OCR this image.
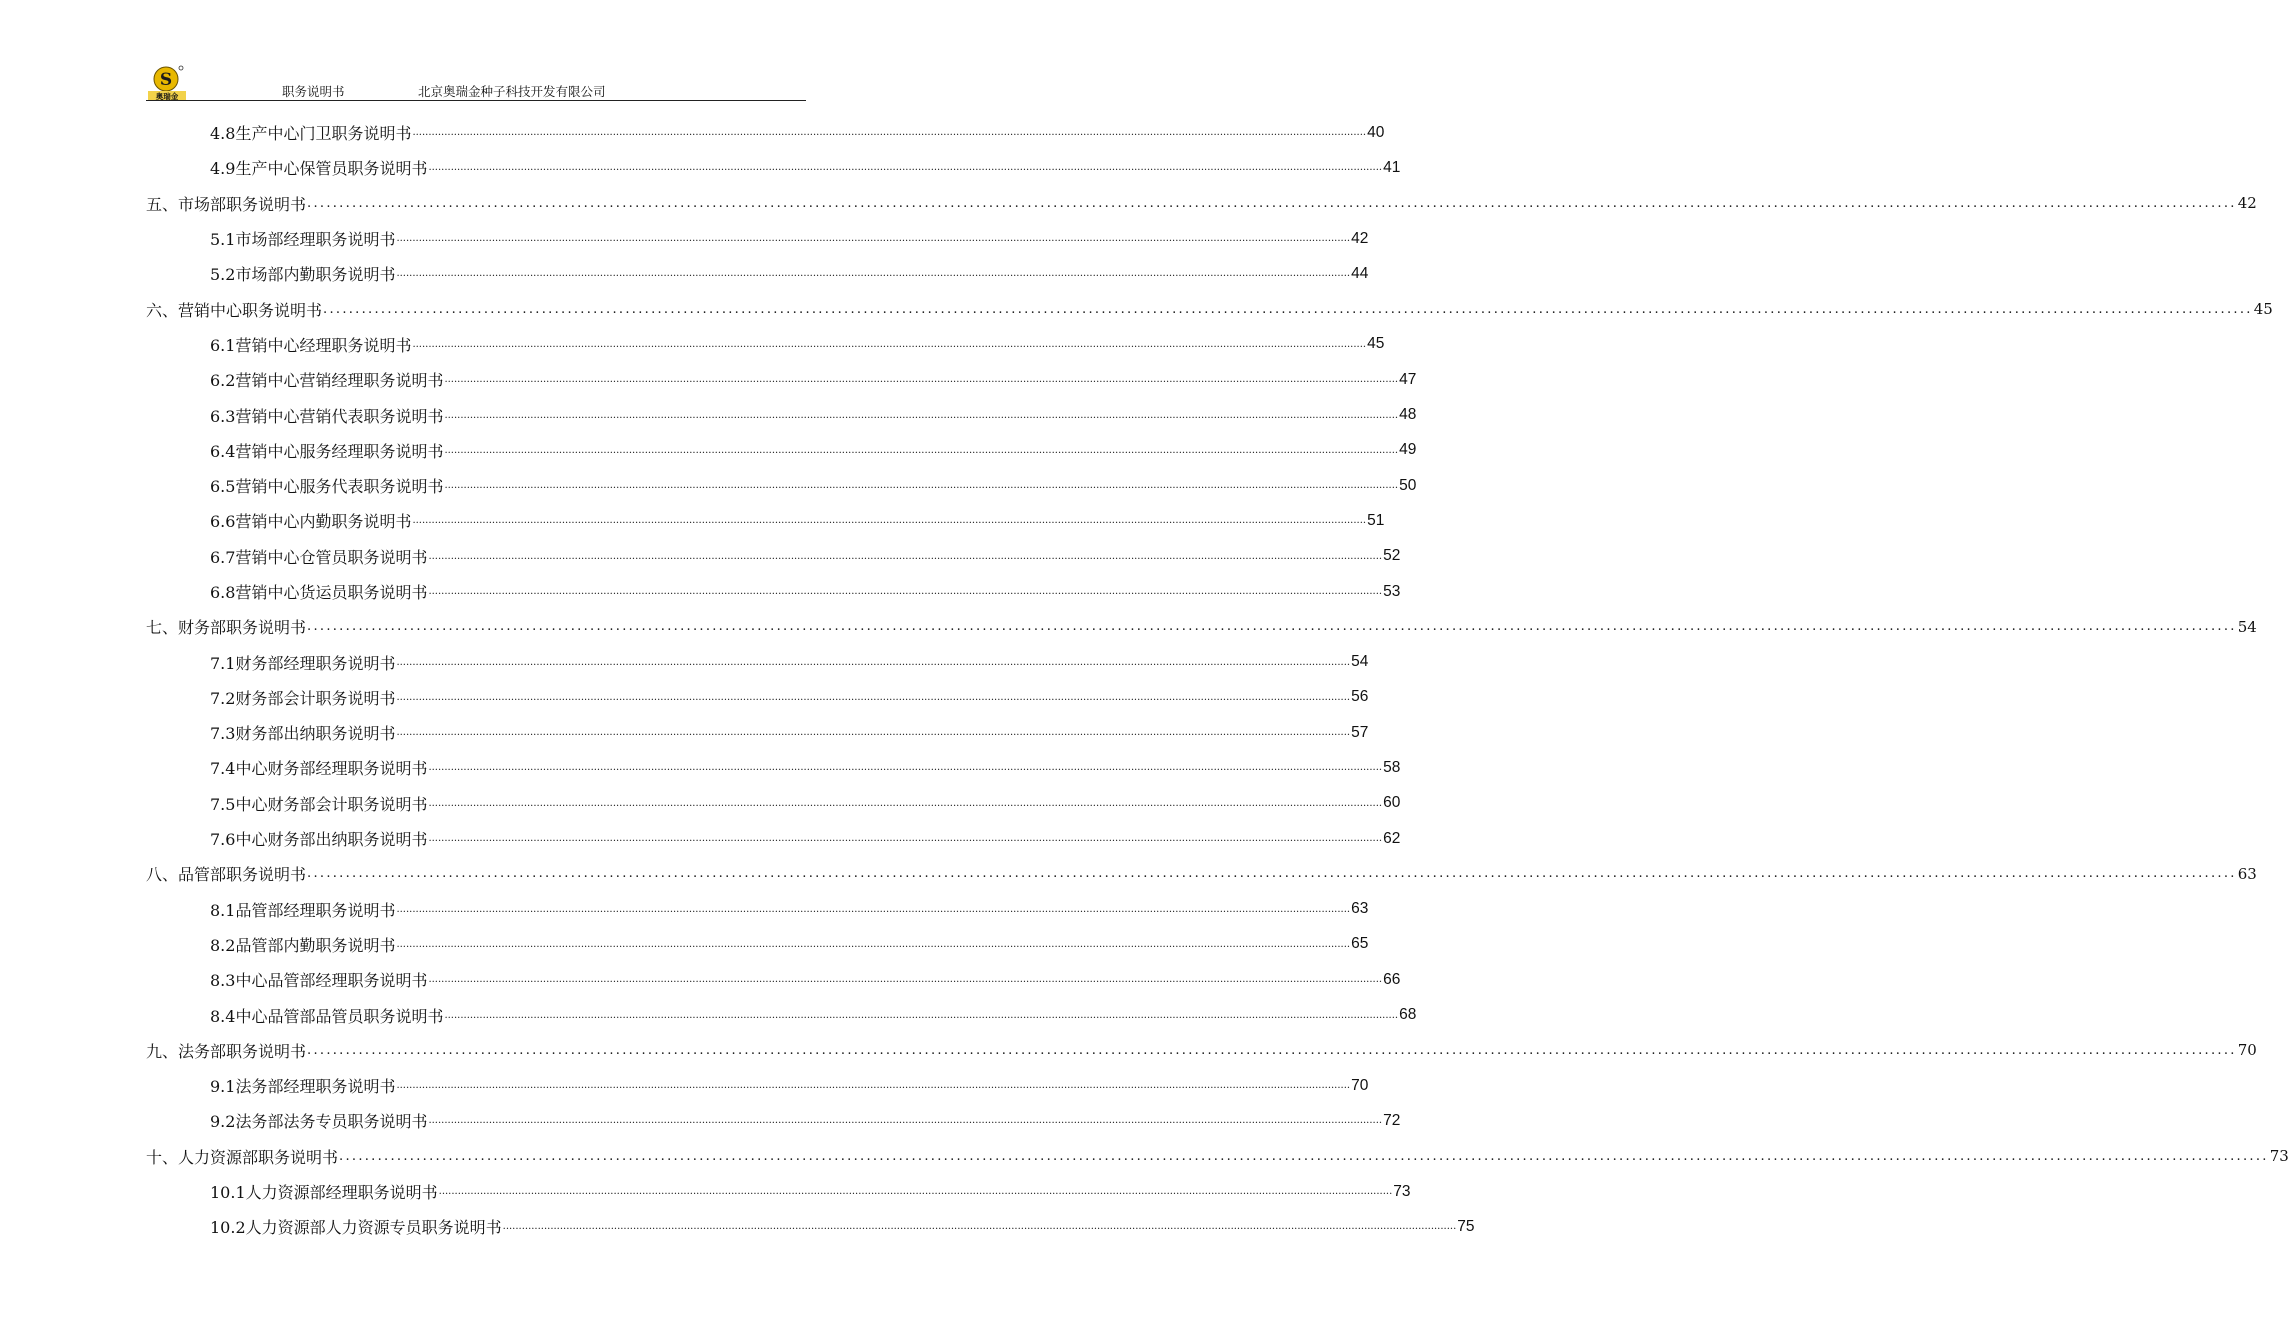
S
奥瑞金	职务说明书	北京奥瑞金种子科技开发有限公司
4.8生产中心门卫职务说明书 ............................................................................................................................................................................................................................................................................................................ 40
4.9生产中心保管员职务说明书 ............................................................................................................................................................................................................................................................................................................ 41
五、市场部职务说明书 ............................................................................................................................................................................................................................................................................................................ 42
5.1市场部经理职务说明书 ............................................................................................................................................................................................................................................................................................................ 42
5.2市场部内勤职务说明书 ............................................................................................................................................................................................................................................................................................................ 44
六、营销中心职务说明书 ............................................................................................................................................................................................................................................................................................................ 45
6.1营销中心经理职务说明书 ............................................................................................................................................................................................................................................................................................................ 45
6.2营销中心营销经理职务说明书 ............................................................................................................................................................................................................................................................................................................ 47
6.3营销中心营销代表职务说明书 ............................................................................................................................................................................................................................................................................................................ 48
6.4营销中心服务经理职务说明书 ............................................................................................................................................................................................................................................................................................................ 49
6.5营销中心服务代表职务说明书 ............................................................................................................................................................................................................................................................................................................ 50
6.6营销中心内勤职务说明书 ............................................................................................................................................................................................................................................................................................................ 51
6.7营销中心仓管员职务说明书 ............................................................................................................................................................................................................................................................................................................ 52
6.8营销中心货运员职务说明书 ............................................................................................................................................................................................................................................................................................................ 53
七、财务部职务说明书 ............................................................................................................................................................................................................................................................................................................ 54
7.1财务部经理职务说明书 ............................................................................................................................................................................................................................................................................................................ 54
7.2财务部会计职务说明书 ............................................................................................................................................................................................................................................................................................................ 56
7.3财务部出纳职务说明书 ............................................................................................................................................................................................................................................................................................................ 57
7.4中心财务部经理职务说明书 ............................................................................................................................................................................................................................................................................................................ 58
7.5中心财务部会计职务说明书 ............................................................................................................................................................................................................................................................................................................ 60
7.6中心财务部出纳职务说明书 ............................................................................................................................................................................................................................................................................................................ 62
八、品管部职务说明书 ............................................................................................................................................................................................................................................................................................................ 63
8.1品管部经理职务说明书 ............................................................................................................................................................................................................................................................................................................ 63
8.2品管部内勤职务说明书 ............................................................................................................................................................................................................................................................................................................ 65
8.3中心品管部经理职务说明书 ............................................................................................................................................................................................................................................................................................................ 66
8.4中心品管部品管员职务说明书 ............................................................................................................................................................................................................................................................................................................ 68
九、法务部职务说明书 ............................................................................................................................................................................................................................................................................................................ 70
9.1法务部经理职务说明书 ............................................................................................................................................................................................................................................................................................................ 70
9.2法务部法务专员职务说明书 ............................................................................................................................................................................................................................................................................................................ 72
十、人力资源部职务说明书 ............................................................................................................................................................................................................................................................................................................ 73
10.1人力资源部经理职务说明书 ............................................................................................................................................................................................................................................................................................................ 73
10.2人力资源部人力资源专员职务说明书 ............................................................................................................................................................................................................................................................................................................ 75
